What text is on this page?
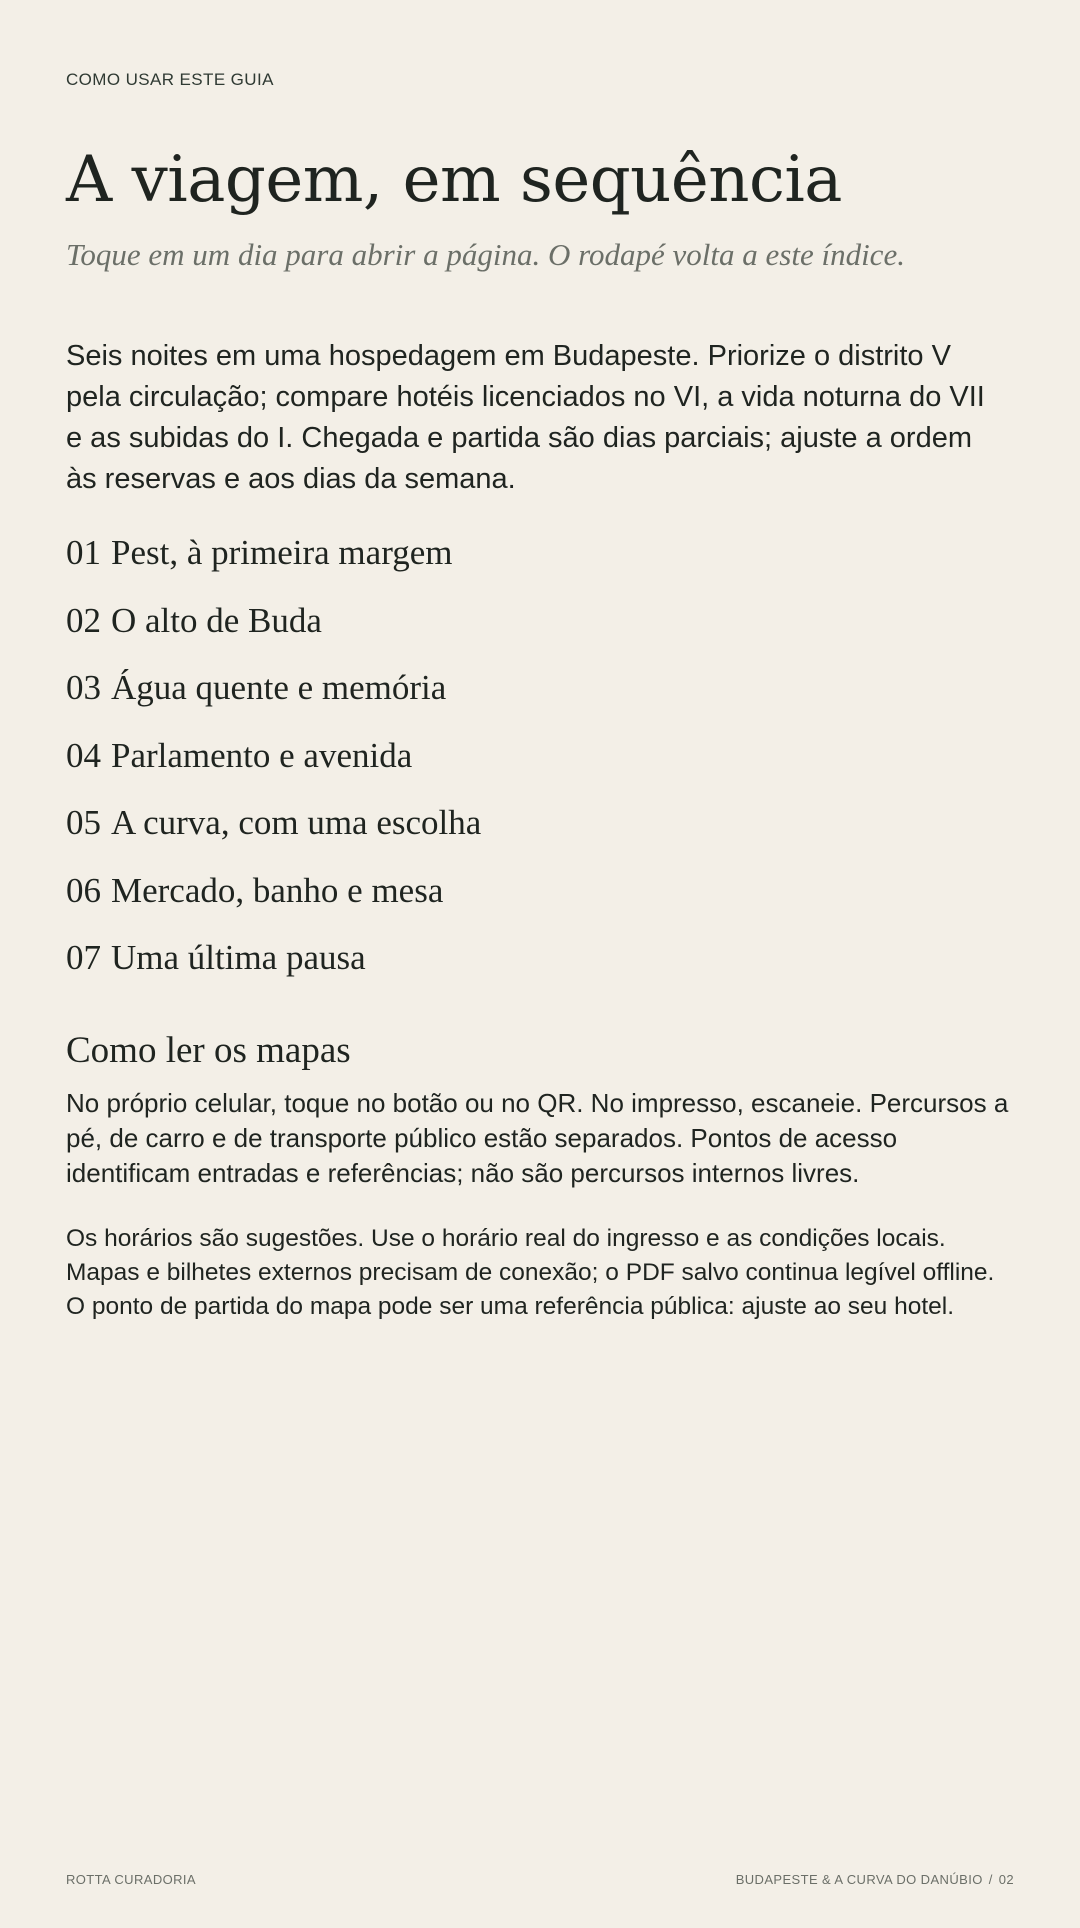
COMO USAR ESTE GUIA
A viagem, em sequência

Toque em um dia para abrir a página. O rodapé volta a este índice.

Seis noites em uma hospedagem em Budapeste. Priorize o distrito V pela circulação; compare hotéis licenciados no VI, a vida noturna do VII e as subidas do I. Chegada e partida são dias parciais; ajuste a ordem às reservas e aos dias da semana.

01 Pest, à primeira margem
02 O alto de Buda
03 Água quente e memória
04 Parlamento e avenida
05 A curva, com uma escolha
06 Mercado, banho e mesa
07 Uma última pausa
Como ler os mapas

No próprio celular, toque no botão ou no QR. No impresso, escaneie. Percursos a pé, de carro e de transporte público estão separados. Pontos de acesso identificam entradas e referências; não são percursos internos livres.

Os horários são sugestões. Use o horário real do ingresso e as condições locais. Mapas e bilhetes externos precisam de conexão; o PDF salvo continua legível offline. O ponto de partida do mapa pode ser uma referência pública: ajuste ao seu hotel.

ROTTA CURADORIA	BUDAPESTE & A CURVA DO DANÚBIO / 02
